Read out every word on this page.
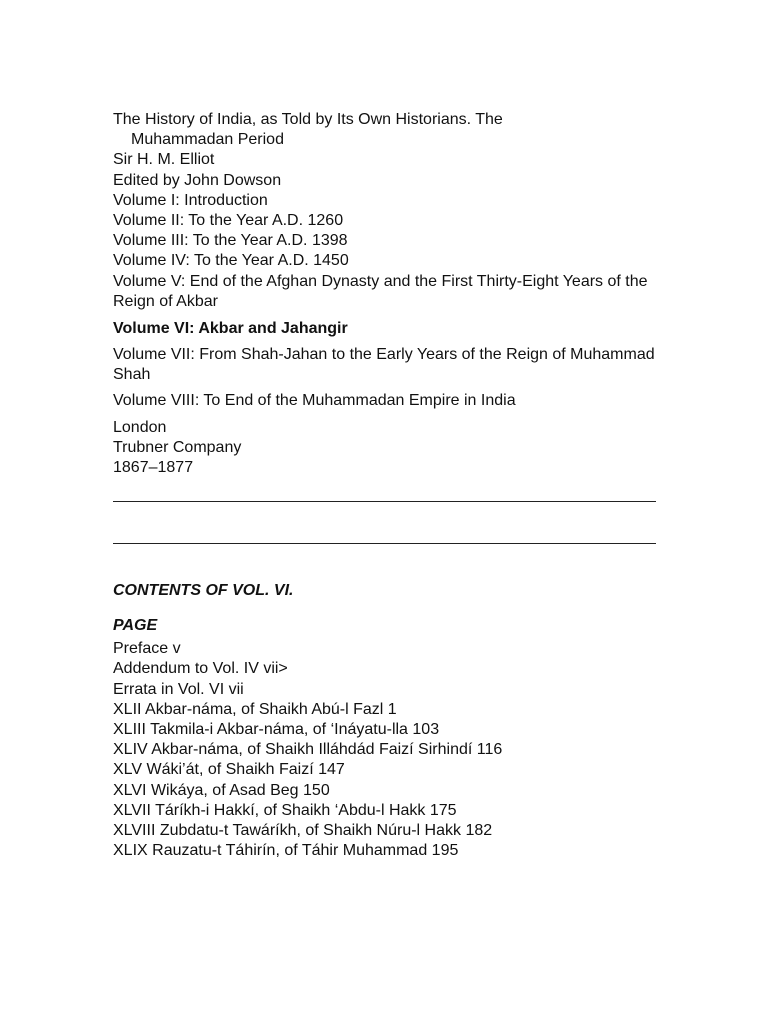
The History of India, as Told by Its Own Historians. The
Muhammadan Period
Sir H. M. Elliot
Edited by John Dowson
Volume I: Introduction
Volume II: To the Year A.D. 1260
Volume III: To the Year A.D. 1398
Volume IV: To the Year A.D. 1450
Volume V: End of the Afghan Dynasty and the First Thirty-Eight Years of the Reign of Akbar
Volume VI: Akbar and Jahangir
Volume VII: From Shah-Jahan to the Early Years of the Reign of Muhammad Shah
Volume VIII: To End of the Muhammadan Empire in India
London
Trubner Company
1867–1877
CONTENTS OF VOL. VI.
PAGE
Preface v
Addendum to Vol. IV vii>
Errata in Vol. VI vii
XLII Akbar-náma, of Shaikh Abú-l Fazl 1
XLIII Takmila-i Akbar-náma, of ‘Ináyatu-lla 103
XLIV Akbar-náma, of Shaikh Illáhdád Faizí Sirhindí 116
XLV Wáki’át, of Shaikh Faizí 147
XLVI Wikáya, of Asad Beg 150
XLVII Táríkh-i Hakkí, of Shaikh ‘Abdu-l Hakk 175
XLVIII Zubdatu-t Tawáríkh, of Shaikh Núru-l Hakk 182
XLIX Rauzatu-t Táhirín, of Táhir Muhammad 195
